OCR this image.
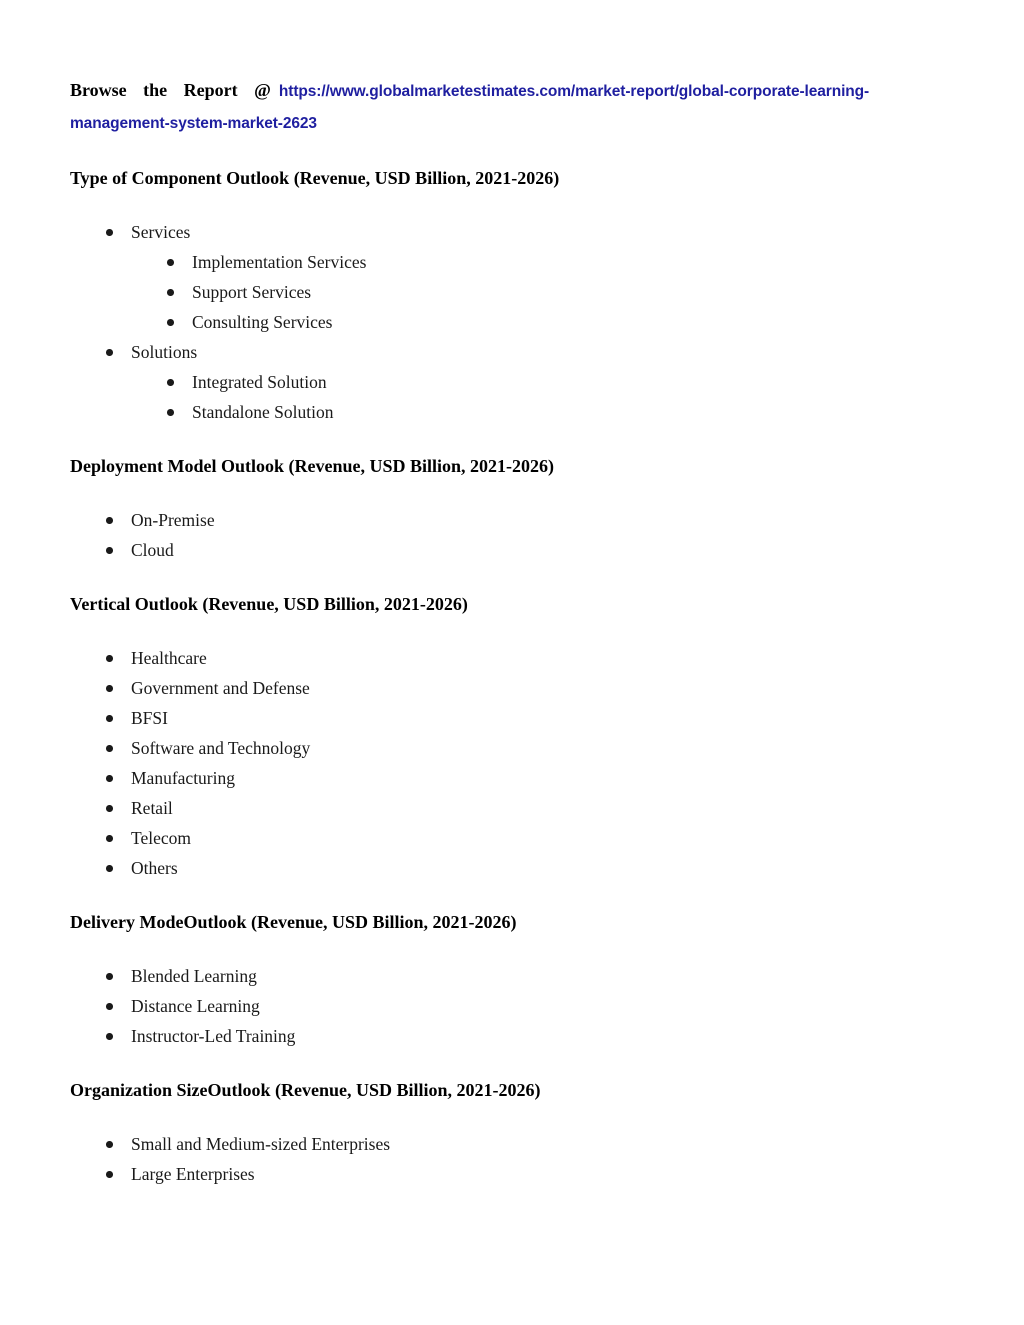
Browse the Report @ https://www.globalmarketestimates.com/market-report/global-corporate-learning-
management-system-market-2623

Type of Component Outlook (Revenue, USD Billion, 2021-2026)
Services
Implementation Services
Support Services
Consulting Services
Solutions
Integrated Solution
Standalone Solution
Deployment Model Outlook (Revenue, USD Billion, 2021-2026)
On-Premise
Cloud
Vertical Outlook (Revenue, USD Billion, 2021-2026)
Healthcare
Government and Defense
BFSI
Software and Technology
Manufacturing
Retail
Telecom
Others
Delivery ModeOutlook (Revenue, USD Billion, 2021-2026)
Blended Learning
Distance Learning
Instructor-Led Training
Organization SizeOutlook (Revenue, USD Billion, 2021-2026)
Small and Medium-sized Enterprises
Large Enterprises
